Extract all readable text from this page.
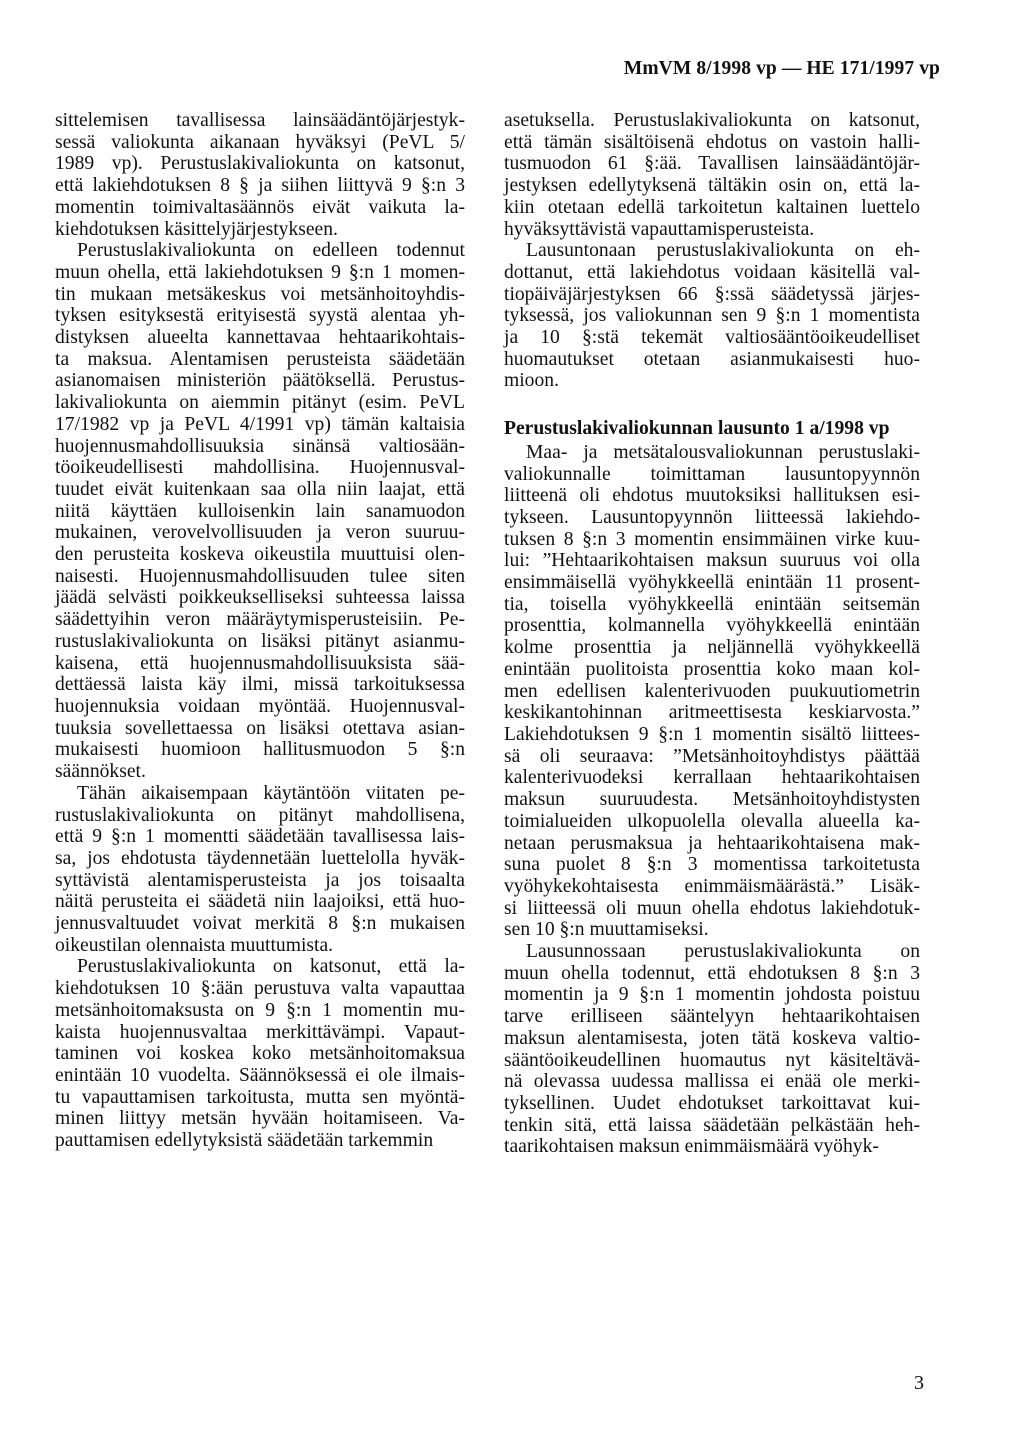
MmVM 8/1998 vp — HE 171/1997 vp
sittelemisen tavallisessa lainsäädäntöjärjestyk-
sessä valiokunta aikanaan hyväksyi (PeVL 5/
1989 vp). Perustuslakivaliokunta on katsonut,
että lakiehdotuksen 8 § ja siihen liittyvä 9 §:n 3
momentin toimivaltasäännös eivät vaikuta la-
kiehdotuksen käsittelyjärjestykseen.
Perustuslakivaliokunta on edelleen todennut
muun ohella, että lakiehdotuksen 9 §:n 1 momen-
tin mukaan metsäkeskus voi metsänhoitoyhdis-
tyksen esityksestä erityisestä syystä alentaa yh-
distyksen alueelta kannettavaa hehtaarikohtais-
ta maksua. Alentamisen perusteista säädetään
asianomaisen ministeriön päätöksellä. Perustus-
lakivaliokunta on aiemmin pitänyt (esim. PeVL
17/1982 vp ja PeVL 4/1991 vp) tämän kaltaisia
huojennusmahdollisuuksia sinänsä valtiosään-
töoikeudellisesti mahdollisina. Huojennusval-
tuudet eivät kuitenkaan saa olla niin laajat, että
niitä käyttäen kulloisenkin lain sanamuodon
mukainen, verovelvollisuuden ja veron suuruu-
den perusteita koskeva oikeustila muuttuisi olen-
naisesti. Huojennusmahdollisuuden tulee siten
jäädä selvästi poikkeukselliseksi suhteessa laissa
säädettyihin veron määräytymisperusteisiin. Pe-
rustuslakivaliokunta on lisäksi pitänyt asianmu-
kaisena, että huojennusmahdollisuuksista sää-
dettäessä laista käy ilmi, missä tarkoituksessa
huojennuksia voidaan myöntää. Huojennusval-
tuuksia sovellettaessa on lisäksi otettava asian-
mukaisesti huomioon hallitusmuodon 5 §:n
säännökset.
Tähän aikaisempaan käytäntöön viitaten pe-
rustuslakivaliokunta on pitänyt mahdollisena,
että 9 §:n 1 momentti säädetään tavallisessa lais-
sa, jos ehdotusta täydennetään luettelolla hyväk-
syttävistä alentamisperusteista ja jos toisaalta
näitä perusteita ei säädetä niin laajoiksi, että huo-
jennusvaltuudet voivat merkitä 8 §:n mukaisen
oikeustilan olennaista muuttumista.
Perustuslakivaliokunta on katsonut, että la-
kiehdotuksen 10 §:ään perustuva valta vapauttaa
metsänhoitomaksusta on 9 §:n 1 momentin mu-
kaista huojennusvaltaa merkittävämpi. Vapaut-
taminen voi koskea koko metsänhoitomaksua
enintään 10 vuodelta. Säännöksessä ei ole ilmais-
tu vapauttamisen tarkoitusta, mutta sen myöntä-
minen liittyy metsän hyvään hoitamiseen. Va-
pauttamisen edellytyksistä säädetään tarkemmin
asetuksella. Perustuslakivaliokunta on katsonut,
että tämän sisältöisenä ehdotus on vastoin halli-
tusmuodon 61 §:ää. Tavallisen lainsäädäntöjär-
jestyksen edellytyksenä tältäkin osin on, että la-
kiin otetaan edellä tarkoitetun kaltainen luettelo
hyväksyttävistä vapauttamisperusteista.
Lausuntonaan perustuslakivaliokunta on eh-
dottanut, että lakiehdotus voidaan käsitellä val-
tiopäiväjärjestyksen 66 §:ssä säädetyssä järjes-
tyksessä, jos valiokunnan sen 9 §:n 1 momentista
ja 10 §:stä tekemät valtiosääntöoikeudelliset
huomautukset otetaan asianmukaisesti huo-
mioon.
Perustuslakivaliokunnan lausunto 1 a/1998 vp
Maa- ja metsätalousvaliokunnan perustuslaki-
valiokunnalle toimittaman lausuntopyynnön
liitteenä oli ehdotus muutoksiksi hallituksen esi-
tykseen. Lausuntopyynnön liitteessä lakiehdo-
tuksen 8 §:n 3 momentin ensimmäinen virke kuu-
lui: ”Hehtaarikohtaisen maksun suuruus voi olla
ensimmäisellä vyöhykkeellä enintään 11 prosent-
tia, toisella vyöhykkeellä enintään seitsemän
prosenttia, kolmannella vyöhykkeellä enintään
kolme prosenttia ja neljännellä vyöhykkeellä
enintään puolitoista prosenttia koko maan kol-
men edellisen kalenterivuoden puukuutiometrin
keskikantohinnan aritmeettisesta keskiarvosta.”
Lakiehdotuksen 9 §:n 1 momentin sisältö liittees-
sä oli seuraava: ”Metsänhoitoyhdistys päättää
kalenterivuodeksi kerrallaan hehtaarikohtaisen
maksun suuruudesta. Metsänhoitoyhdistysten
toimialueiden ulkopuolella olevalla alueella ka-
netaan perusmaksua ja hehtaarikohtaisena mak-
suna puolet 8 §:n 3 momentissa tarkoitetusta
vyöhykekohtaisesta enimmäismäärästä.” Lisäk-
si liitteessä oli muun ohella ehdotus lakiehdotuk-
sen 10 §:n muuttamiseksi.
Lausunnossaan perustuslakivaliokunta on
muun ohella todennut, että ehdotuksen 8 §:n 3
momentin ja 9 §:n 1 momentin johdosta poistuu
tarve erilliseen sääntelyyn hehtaarikohtaisen
maksun alentamisesta, joten tätä koskeva valtio-
sääntöoikeudellinen huomautus nyt käsiteltävä-
nä olevassa uudessa mallissa ei enää ole merki-
tyksellinen. Uudet ehdotukset tarkoittavat kui-
tenkin sitä, että laissa säädetään pelkästään heh-
taarikohtaisen maksun enimmäismäärä vyöhyk-
3
